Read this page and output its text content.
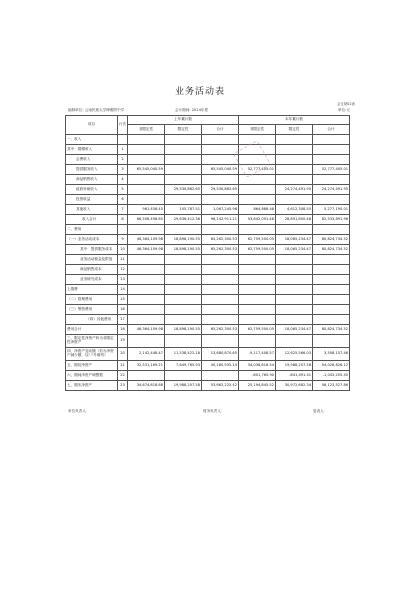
业务活动表
会互财02表
编制单位: 云南民族大学博雅附中学	会计期间: 2014年度	单位:元
项目	行次	上年累计数			本年累计数		
		非限定性	限定性	合计	非限定性	限定性	合计
一、收入							
其中：捐赠收入	1						
会费收入	2						
提供服务收入	3	65,545,040.59		65,545,040.59	52,777,405.01		52,777,405.01
商品销售收入	4						
政府补助收入	5		29,530,862.65	29,530,862.65		24,274,491.95	24,274,491.95
投资收益	6						
其他收入	7	961,458.45	105,787.51	1,067,245.96	864,686.48	4,612,308.55	5,277,195.01
收入合计	8	66,506,498.85	29,636,412.36	96,142,911.21	53,642,091.48	28,891,800.48	82,533,891.96
二、费用							
（一）业务活动成本	9	46,364,109.98	18,898,190.55	65,262,300.53	62,759,500.05	18,065,234.47	80,824,734.52
其中：提供服务成本	10	46,364,109.98	18,898,190.55	65,262,300.53	62,759,500.05	18,065,234.47	80,824,734.52
业务活动税金及附加	11						
商品销售成本	12						
业务研究成本	13						
上缴费	14						
（二）管理费用	15						
（三）筹资费用	16						
（四）其他费用	17						
费用合计	18	46,364,109.98	18,898,190.55	65,262,300.53	62,759,500.05	18,065,234.47	80,824,734.52
三、限定性净资产转为非限定性净资产	19						
四、净资产变动额（若为净资产减少额，以"-"号填列）	20	2,142,448.47	11,538,422.18	13,680,870.65	-9,117,408.57	12,625,566.03	3,508,157.46
五、期初净资产	21	32,531,169.21	7,649,765.93	40,180,935.14	34,038,618.54	19,988,207.58	54,026,826.12
六、期间净资产调整数	22				-601,765.90	-641,491.41	-1,043,255.40
七、期末净资产	23	34,674,618.88	19,988,207.58	53,662,225.42	25,194,845.52	30,972,682.34	56,123,527.86
单位负责人：	财务负责人：	复表人：
